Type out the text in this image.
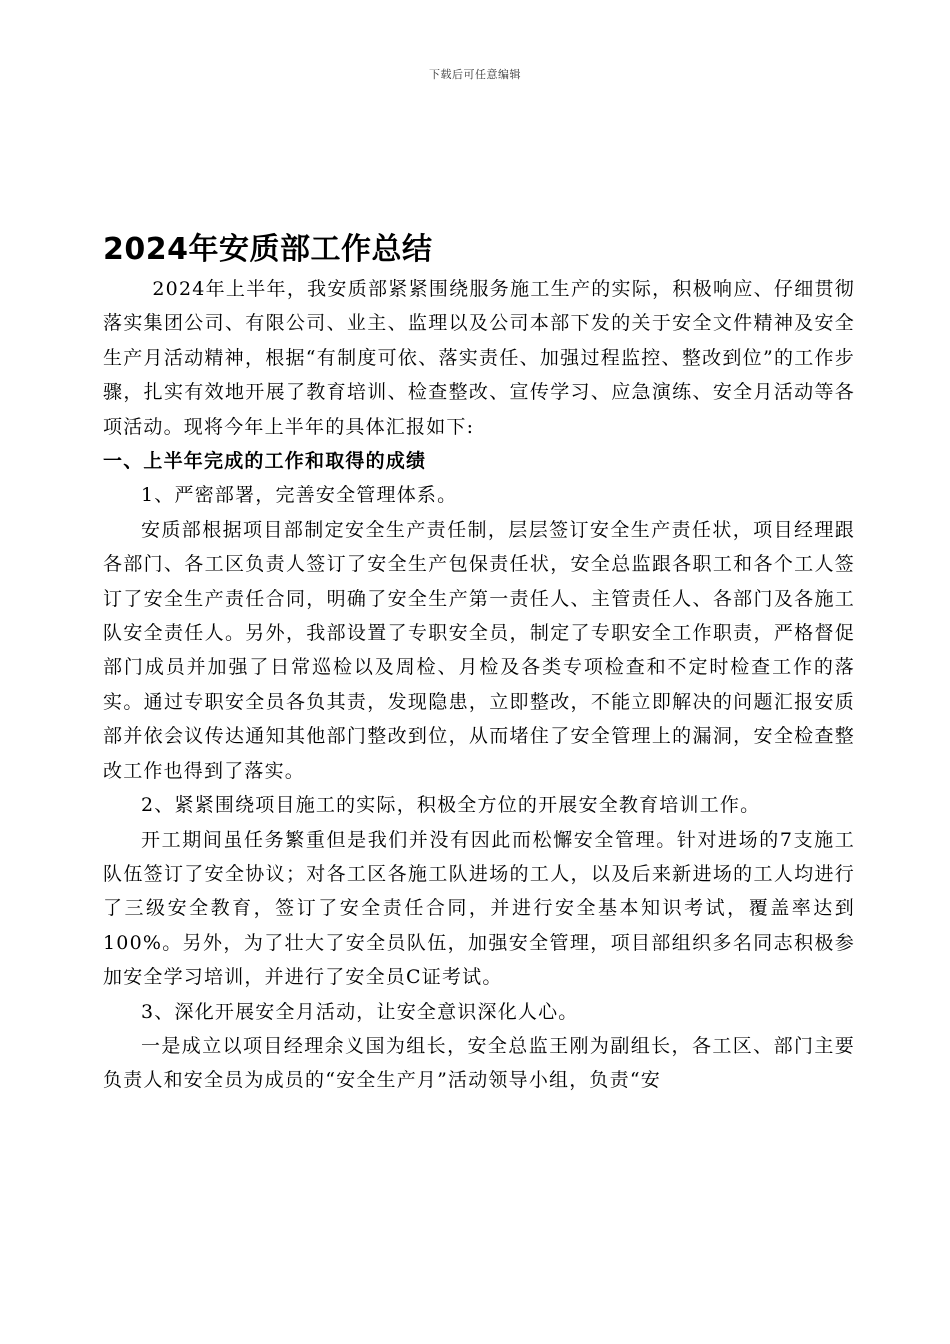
下载后可任意编辑
2024年安质部工作总结

2024年上半年，我安质部紧紧围绕服务施工生产的实际，积极响应、仔细贯彻落实集团公司、有限公司、业主、监理以及公司本部下发的关于安全文件精神及安全生产月活动精神，根据“有制度可依、落实责任、加强过程监控、整改到位”的工作步骤，扎实有效地开展了教育培训、检查整改、宣传学习、应急演练、安全月活动等各项活动。现将今年上半年的具体汇报如下:

一、上半年完成的工作和取得的成绩

1、严密部署，完善安全管理体系。

安质部根据项目部制定安全生产责任制，层层签订安全生产责任状，项目经理跟各部门、各工区负责人签订了安全生产包保责任状，安全总监跟各职工和各个工人签订了安全生产责任合同，明确了安全生产第一责任人、主管责任人、各部门及各施工队安全责任人。另外，我部设置了专职安全员，制定了专职安全工作职责，严格督促部门成员并加强了日常巡检以及周检、月检及各类专项检查和不定时检查工作的落实。通过专职安全员各负其责，发现隐患，立即整改，不能立即解决的问题汇报安质部并依会议传达通知其他部门整改到位，从而堵住了安全管理上的漏洞，安全检查整改工作也得到了落实。

2、紧紧围绕项目施工的实际，积极全方位的开展安全教育培训工作。

开工期间虽任务繁重但是我们并没有因此而松懈安全管理。针对进场的7支施工队伍签订了安全协议；对各工区各施工队进场的工人，以及后来新进场的工人均进行了三级安全教育，签订了安全责任合同，并进行安全基本知识考试，覆盖率达到100%。另外，为了壮大了安全员队伍，加强安全管理，项目部组织多名同志积极参加安全学习培训，并进行了安全员C证考试。

3、深化开展安全月活动，让安全意识深化人心。

一是成立以项目经理余义国为组长，安全总监王刚为副组长，各工区、部门主要负责人和安全员为成员的“安全生产月”活动领导小组，负责“安
